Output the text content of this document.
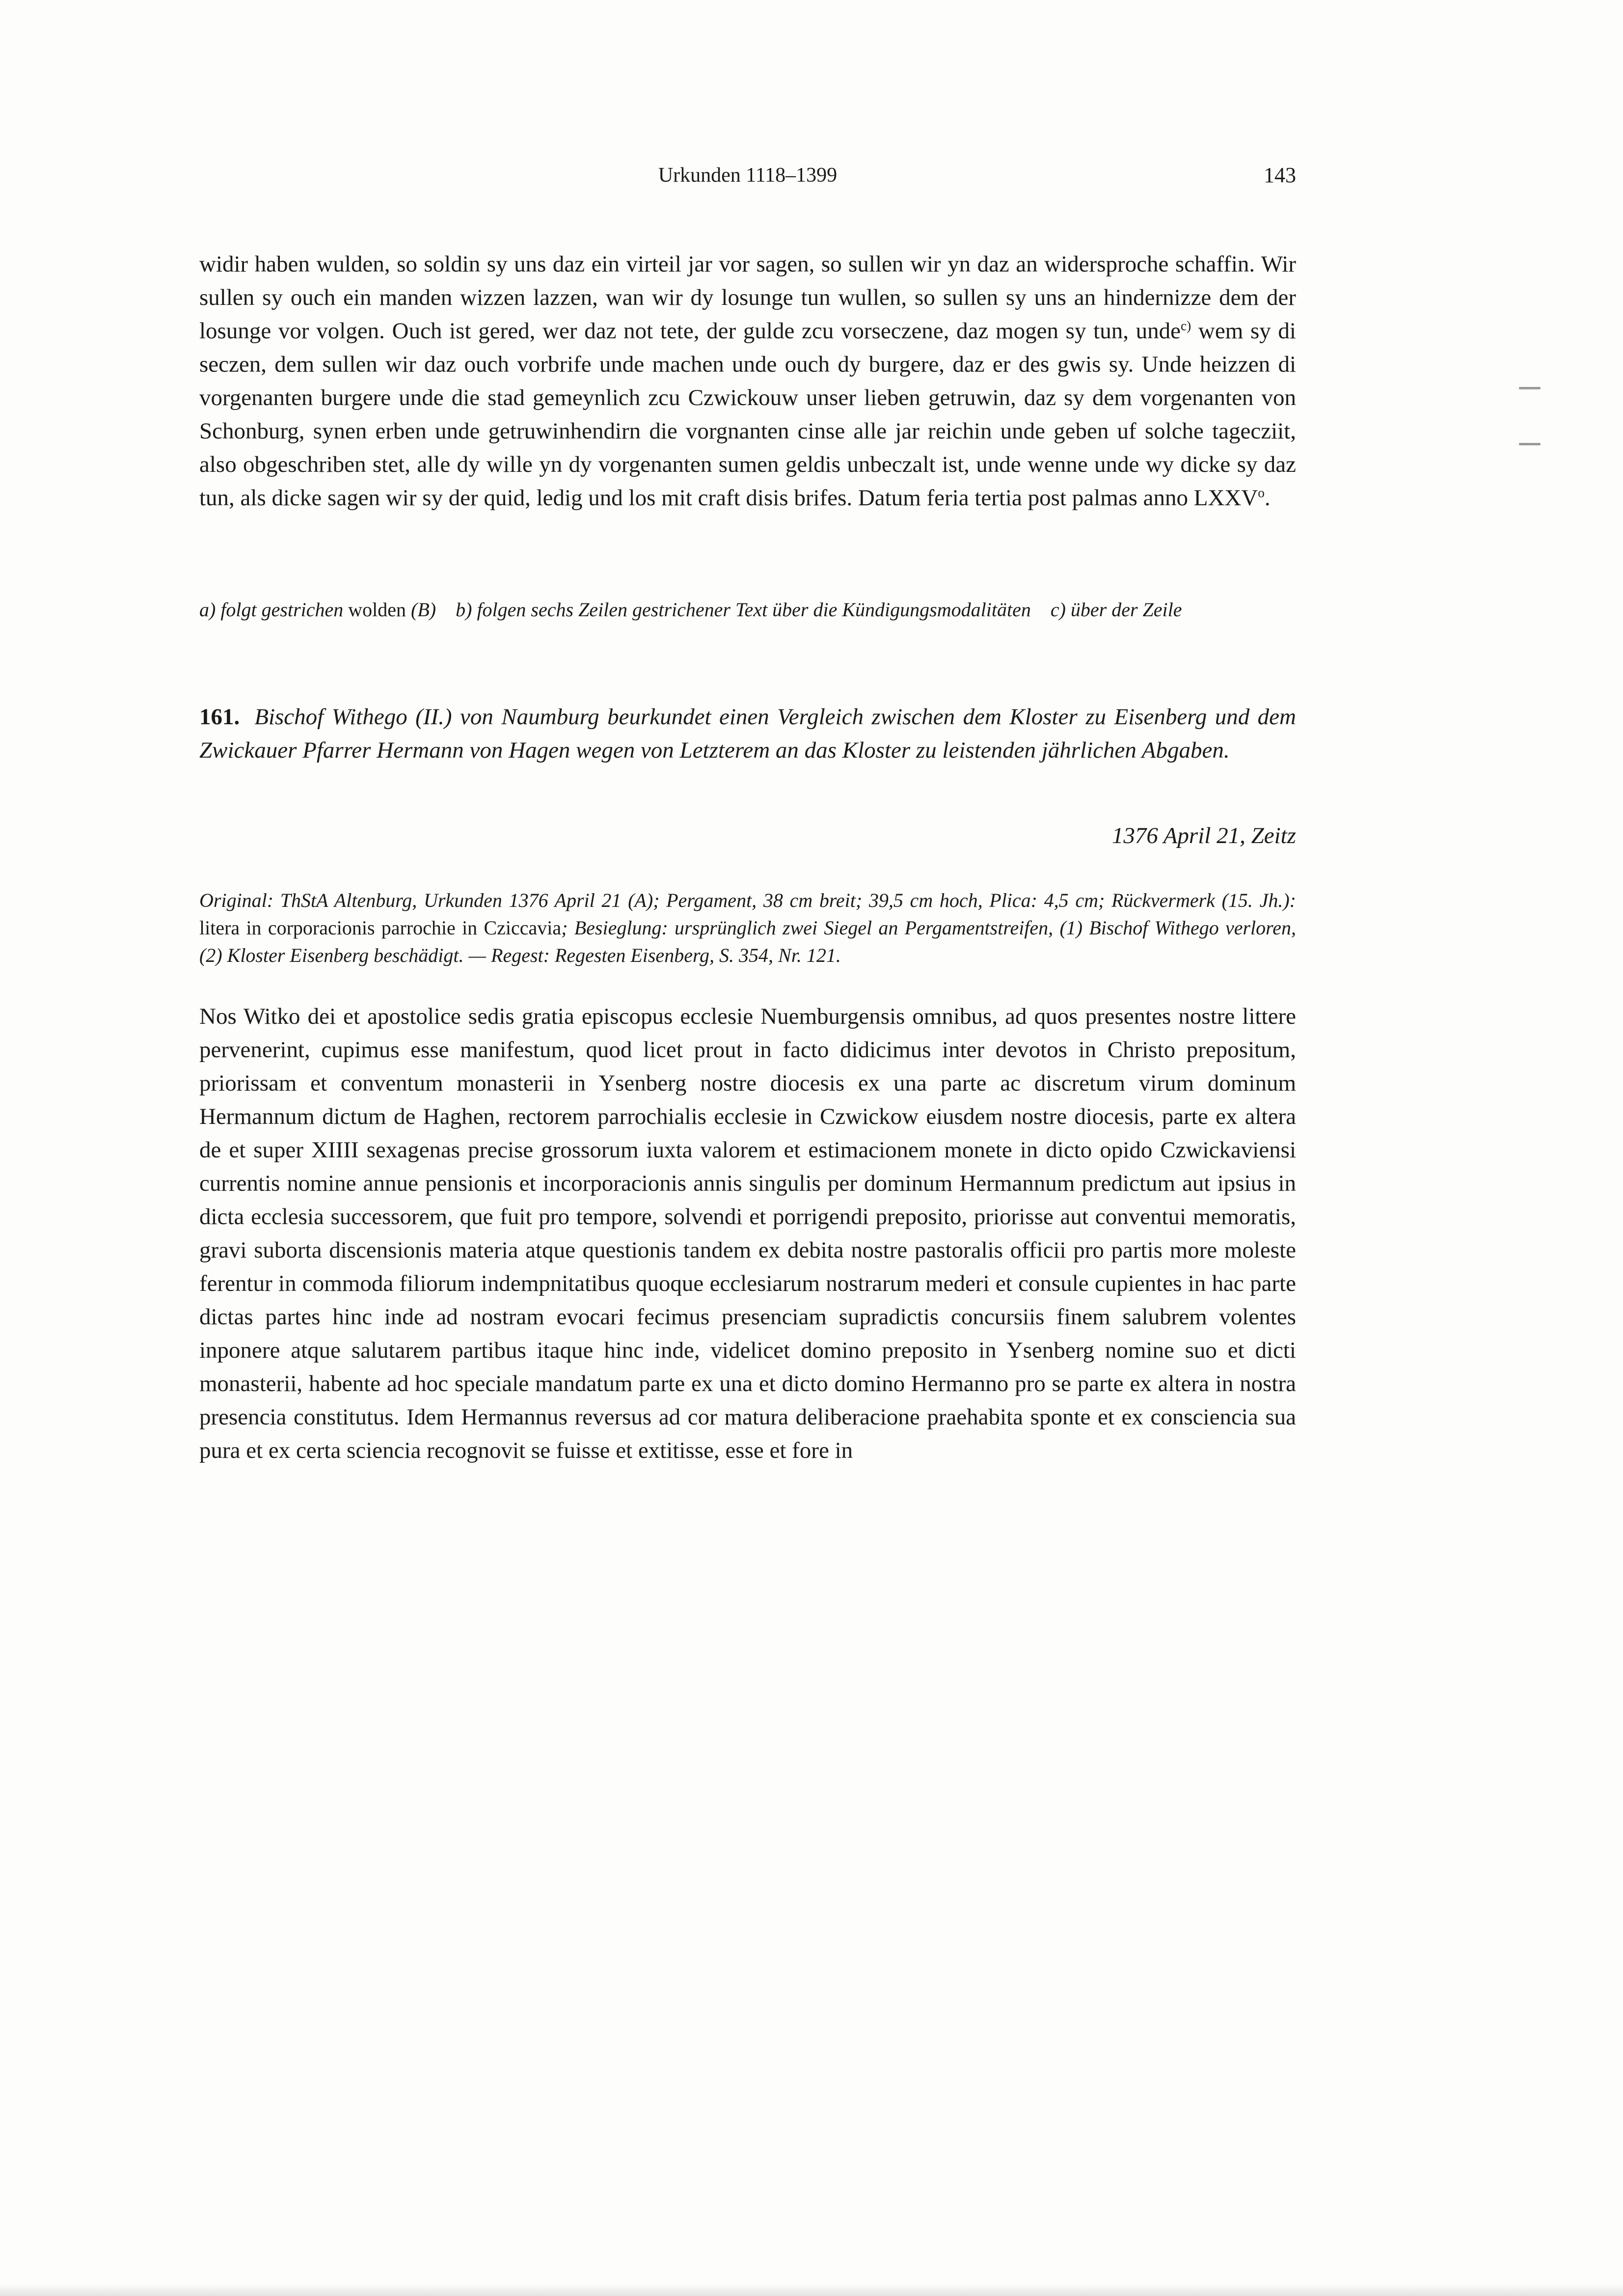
Urkunden 1118–1399	143

widir haben wulden, so soldin sy uns daz ein virteil jar vor sagen, so sullen wir yn daz an widersproche schaffin. Wir sullen sy ouch ein manden wizzen lazzen, wan wir dy losunge tun wullen, so sullen sy uns an hindernizze dem der losunge vor volgen. Ouch ist gered, wer daz not tete, der gulde zcu vorseczene, daz mogen sy tun, unde$^{c)}$ wem sy di seczen, dem sullen wir daz ouch vorbrife unde machen unde ouch dy burgere, daz er des gwis sy. Unde heizzen di vorgenanten burgere unde die stad gemeynlich zcu Czwickouw unser lieben getruwin, daz sy dem vorgenanten von Schonburg, synen erben unde getruwinhendirn die vorgnanten cinse alle jar reichin unde geben uf solche tagecziit, also obgeschriben stet, alle dy wille yn dy vorgenanten sumen geldis unbeczalt ist, unde wenne unde wy dicke sy daz tun, als dicke sagen wir sy der quid, ledig und los mit craft disis brifes. Datum feria tertia post palmas anno LXXV$^o$.

a) folgt gestrichen wolden (B) b) folgen sechs Zeilen gestrichener Text über die Kündigungsmodalitäten c) über der Zeile

161. Bischof Withego (II.) von Naumburg beurkundet einen Vergleich zwischen dem Kloster zu Eisenberg und dem Zwickauer Pfarrer Hermann von Hagen wegen von Letzterem an das Kloster zu leistenden jährlichen Abgaben.

1376 April 21, Zeitz

Original: ThStA Altenburg, Urkunden 1376 April 21 (A); Pergament, 38 cm breit; 39,5 cm hoch, Plica: 4,5 cm; Rückvermerk (15. Jh.): litera in corporacionis parrochie in Cziccavia; Besieglung: ursprünglich zwei Siegel an Pergamentstreifen, (1) Bischof Withego verloren, (2) Kloster Eisenberg beschädigt. — Regest: Regesten Eisenberg, S. 354, Nr. 121.

Nos Witko dei et apostolice sedis gratia episcopus ecclesie Nuemburgensis omnibus, ad quos presentes nostre littere pervenerint, cupimus esse manifestum, quod licet prout in facto didicimus inter devotos in Christo prepositum, priorissam et conventum monasterii in Ysenberg nostre diocesis ex una parte ac discretum virum dominum Hermannum dictum de Haghen, rectorem parrochialis ecclesie in Czwickow eiusdem nostre diocesis, parte ex altera de et super XIIII sexagenas precise grossorum iuxta valorem et estimacionem monete in dicto opido Czwickaviensi currentis nomine annue pensionis et incorporacionis annis singulis per dominum Hermannum predictum aut ipsius in dicta ecclesia successorem, que fuit pro tempore, solvendi et porrigendi preposito, priorisse aut conventui memoratis, gravi suborta discensionis materia atque questionis tandem ex debita nostre pastoralis officii pro partis more moleste ferentur in commoda filiorum indempnitatibus quoque ecclesiarum nostrarum mederi et consule cupientes in hac parte dictas partes hinc inde ad nostram evocari fecimus presenciam supradictis concursiis finem salubrem volentes inponere atque salutarem partibus itaque hinc inde, videlicet domino preposito in Ysenberg nomine suo et dicti monasterii, habente ad hoc speciale mandatum parte ex una et dicto domino Hermanno pro se parte ex altera in nostra presencia constitutus. Idem Hermannus reversus ad cor matura deliberacione praehabita sponte et ex consciencia sua pura et ex certa sciencia recognovit se fuisse et extitisse, esse et fore in
